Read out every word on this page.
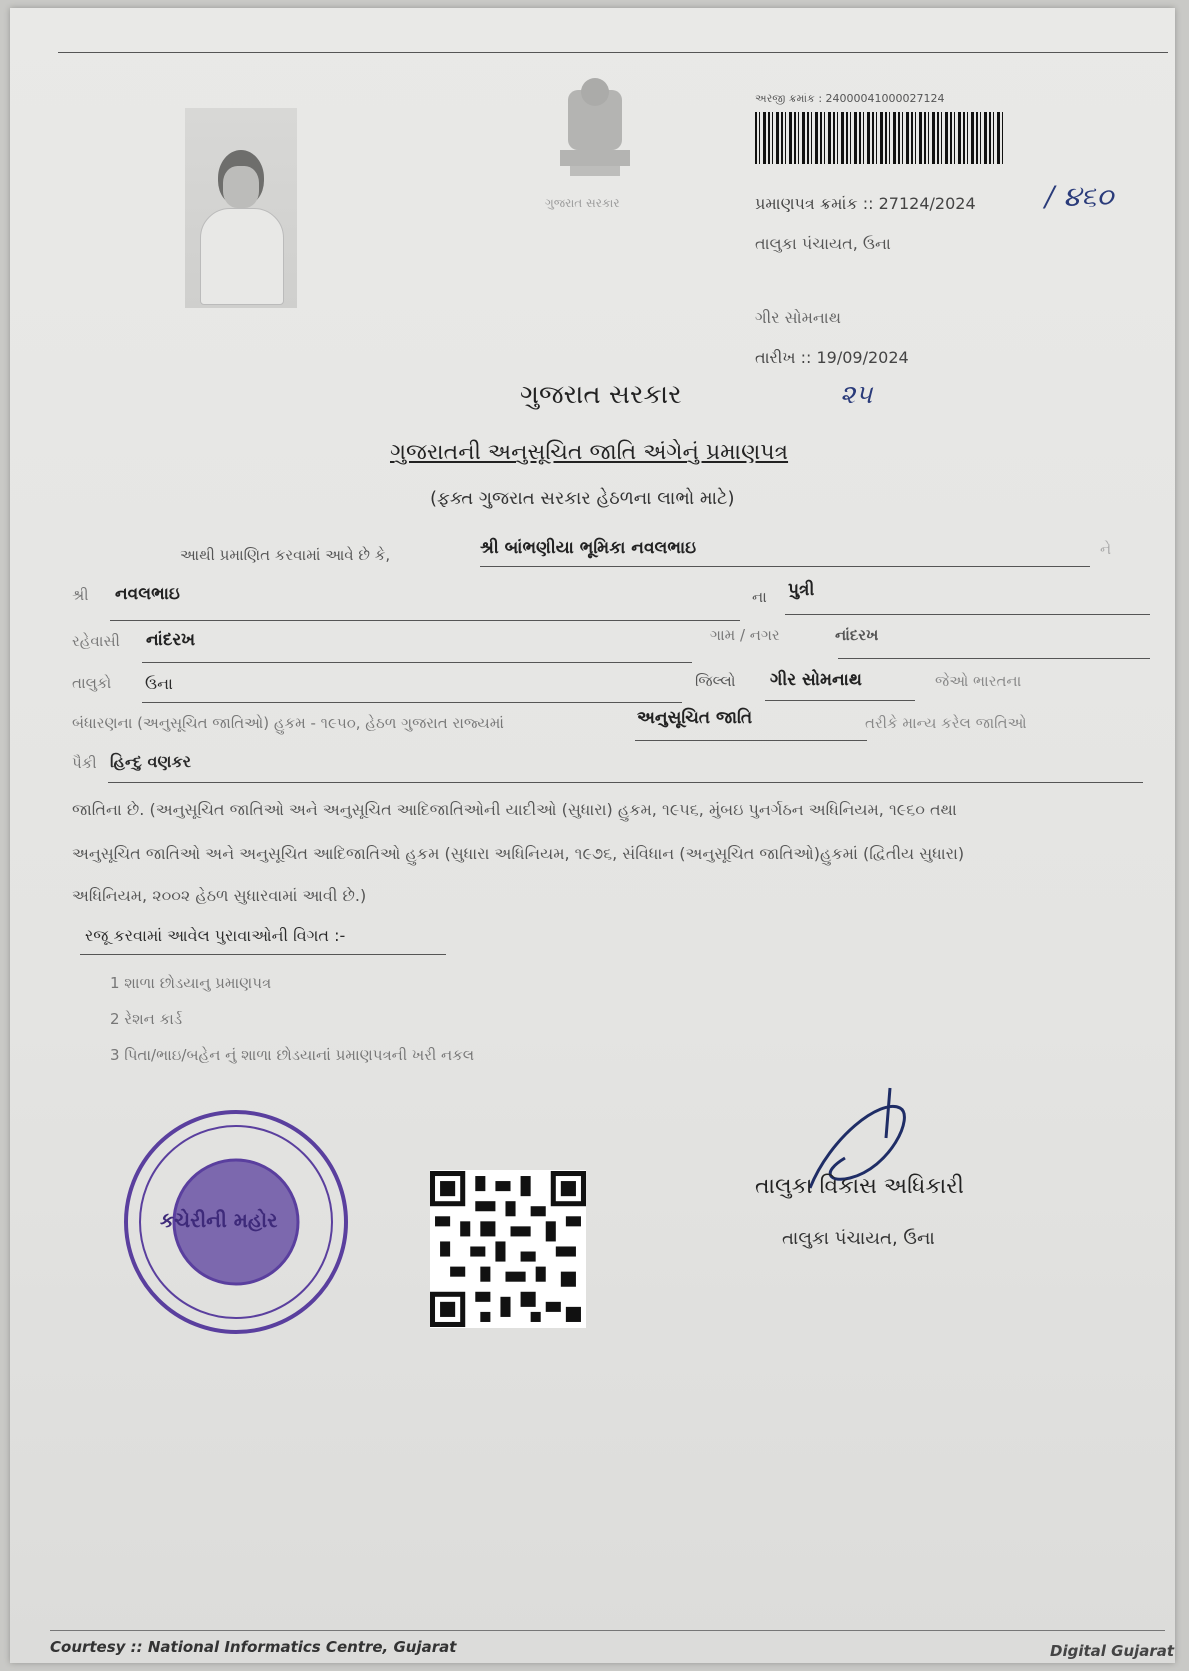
ગુજરાત સરકાર
અરજી ક્રમાંક : 24000041000027124
પ્રમાણપત્ર ક્રમાંક :: 27124/2024 / ૪૬૦
તાલુકા પંચાયત, ઉના
ગીર સોમનાથ
તારીખ :: 19/09/2024
૨૫
ગુજરાત સરકાર
ગુજરાતની અનુસૂચિત જાતિ અંગેનું પ્રમાણપત્ર
(ફક્ત ગુજરાત સરકાર હેઠળના લાભો માટે)
આથી પ્રમાણિત કરવામાં આવે છે કે,	શ્રી બાંભણીયા ભૂમિકા નવલભાઇ	ને
શ્રી નવલભાઇ	ના પુત્રી
રહેવાસી નાંદરખ	ગામ / નગર	નાંદરખ
તાલુકો ઉના	જિલ્લો ગીર સોમનાથ	જેઓ ભારતના
બંધારણના (અનુસૂચિત જાતિઓ) હુકમ - ૧૯૫૦, હેઠળ ગુજરાત રાજ્યમાં	અનુસૂચિત જાતિ	તરીકે માન્ય કરેલ જાતિઓ
પૈકી હિન્દુ વણકર
જાતિના છે. (અનુસૂચિત જાતિઓ અને અનુસૂચિત આદિજાતિઓની યાદીઓ (સુધારા) હુકમ, ૧૯૫૬, મુંબઇ પુનર્ગઠન અધિનિયમ, ૧૯૬૦ તથા
અનુસૂચિત જાતિઓ અને અનુસૂચિત આદિજાતિઓ હુકમ (સુધારા અધિનિયમ, ૧૯૭૬, સંવિધાન (અનુસૂચિત જાતિઓ)હુકમાં (દ્વિતીય સુધારા)
અધિનિયમ, ૨૦૦૨ હેઠળ સુધારવામાં આવી છે.)
રજૂ કરવામાં આવેલ પુરાવાઓની વિગત :-
1 શાળા છોડયાનુ પ્રમાણપત્ર
2 રેશન કાર્ડ
3 પિતા/ભાઇ/બહેન નું શાળા છોડયાનાં પ્રમાણપત્રની ખરી નકલ
કચેરીની મહોર
તાલુકા વિકાસ અધિકારી
તાલુકા પંચાયત, ઉના
Courtesy :: National Informatics Centre, Gujarat	Digital Gujarat
